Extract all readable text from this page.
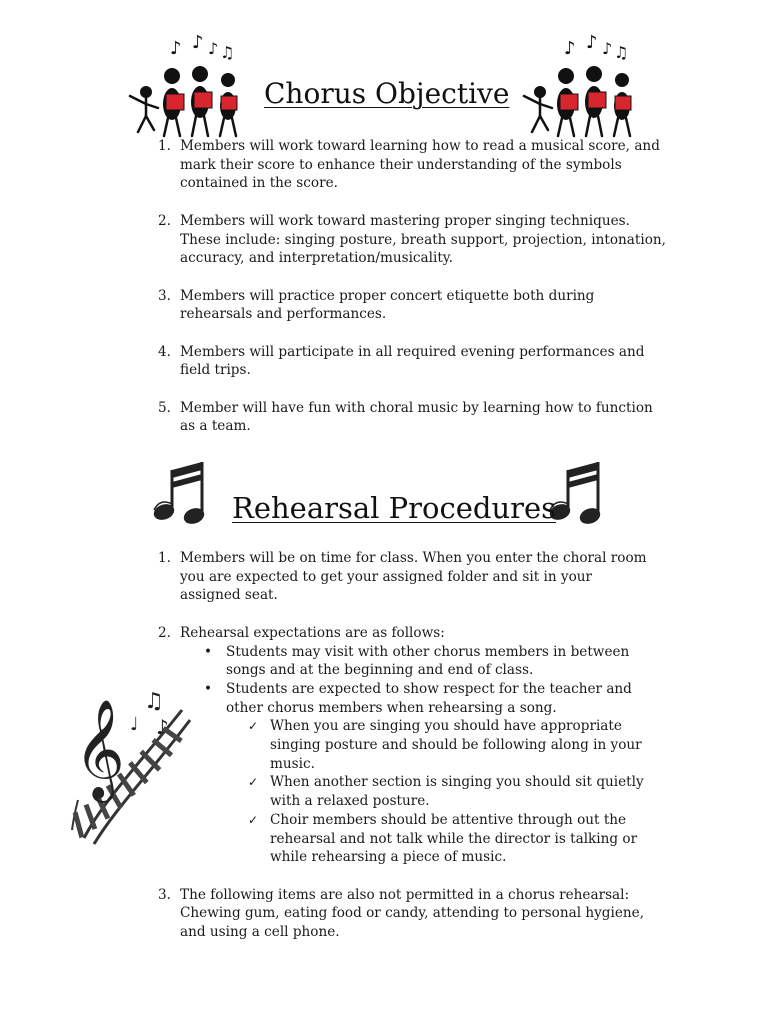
♪ ♪ ♪ ♫	♪ ♪ ♪ ♫
Chorus Objective
1. Members will work toward learning how to read a musical score, and mark their score to enhance their understanding of the symbols contained in the score.
2. Members will work toward mastering proper singing techniques. These include: singing posture, breath support, projection, intonation, accuracy, and interpretation/musicality.
3. Members will practice proper concert etiquette both during rehearsals and performances.
4. Members will participate in all required evening performances and field trips.
5. Member will have fun with choral music by learning how to function as a team.
Rehearsal Procedures
1. Members will be on time for class. When you enter the choral room you are expected to get your assigned folder and sit in your assigned seat.
2. Rehearsal expectations are as follows:
• Students may visit with other chorus members in between songs and at the beginning and end of class.
• Students are expected to show respect for the teacher and other chorus members when rehearsing a song.
✓ When you are singing you should have appropriate singing posture and should be following along in your music.
✓ When another section is singing you should sit quietly with a relaxed posture.
✓ Choir members should be attentive through out the rehearsal and not talk while the director is talking or while rehearsing a piece of music.
3. The following items are also not permitted in a chorus rehearsal: Chewing gum, eating food or candy, attending to personal hygiene, and using a cell phone.
𝄞 ♫
♪
♩
